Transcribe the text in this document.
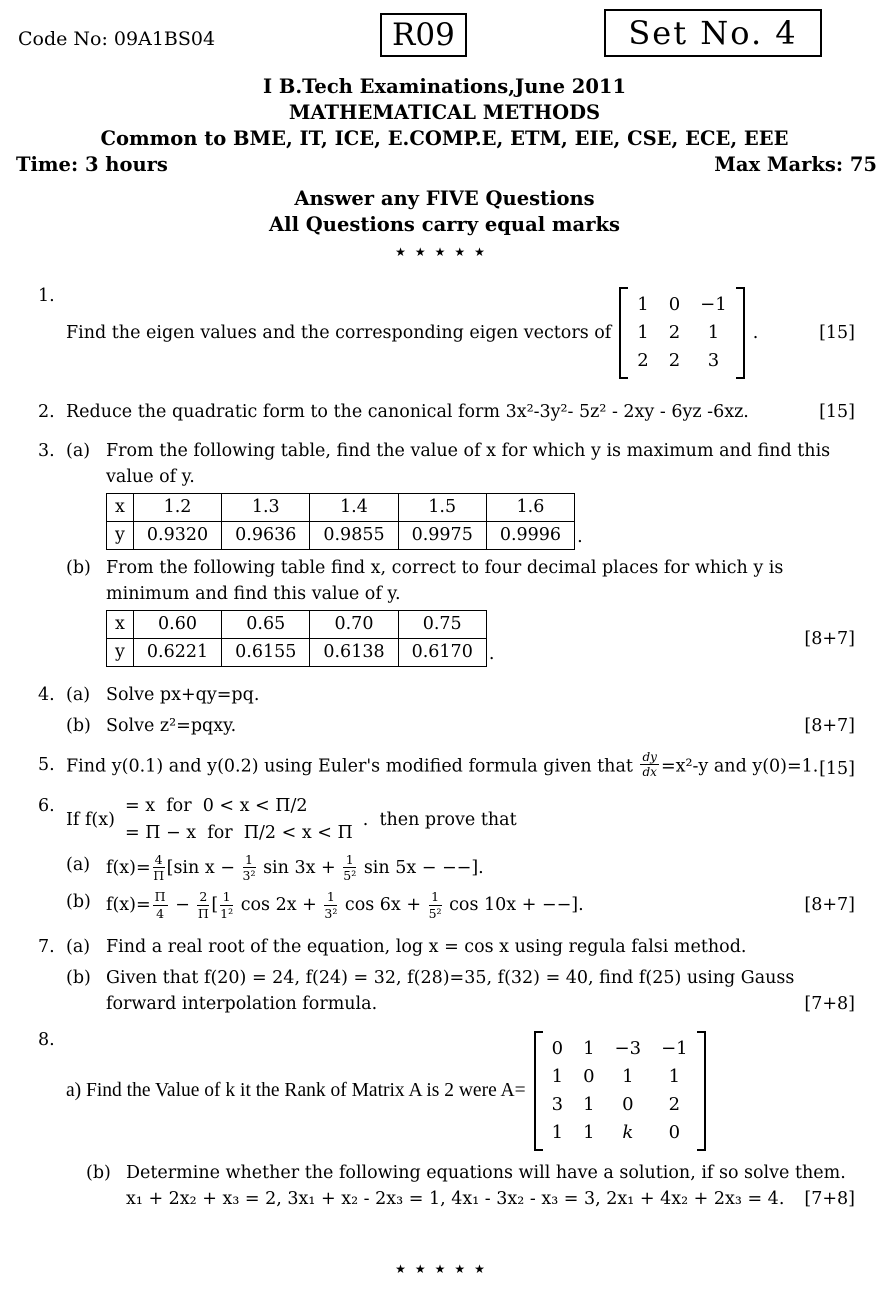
Code No: 09A1BS04	R09	Set No. 4
I B.Tech Examinations,June 2011
MATHEMATICAL METHODS
Common to BME, IT, ICE, E.COMP.E, ETM, EIE, CSE, ECE, EEE
Time: 3 hours	Max Marks: 75
Answer any FIVE Questions
All Questions carry equal marks
★★★★★
1.
Find the eigen values and the corresponding eigen vectors of
1 0 −1
1 2	1
2 2	3
.	[15]
2. Reduce the quadratic form to the canonical form 3x²-3y²- 5z² - 2xy - 6yz -6xz.	[15]
3. (a) From the following table, find the value of x for which y is maximum and find this value of y.
x	1.2	1.3	1.4	1.5	1.6
y	0.9320	0.9636	0.9855	0.9975	0.9996 .
(b) From the following table find x, correct to four decimal places for which y is minimum and find this value of y.
x	0.60	0.65	0.70	0.75
y	0.6221	0.6155	0.6138	0.6170 .
[8+7]
4. (a) Solve px+qy=pq.
(b) Solve z²=pqxy.	[8+7]
5. Find y(0.1) and y(0.2) using Euler's modified formula given that $\frac{dy}{dx} =x^2-y$ and y(0)=1. [15]
6.
If f(x)
= x  for  0 < x < Π/2
= Π − x  for  Π/2 < x < Π
.  then prove that
(a) $f(x)= \frac{4}{\Pi} [\sin$ $x - \frac{1}{\text{3²}}$ $\sin 3x + \frac{1}{\text{5²}}$ sin 5x − −−].
(b) $f(x)= \frac{\Pi}{4} - \frac{2}{\Pi}$ [ $\frac{1}{\text{1²}}$ $\cos 2x + \frac{1}{\text{3²}}$ $\cos 6x + \frac{1}{\text{5²}}$ cos 10x + −−].	[8+7]
7. (a) Find a real root of the equation, log x = cos x using regula falsi method.
(b) Given that f(20) = 24, f(24) = 32, f(28)=35, f(32) = 40, find f(25) using Gauss forward interpolation formula.	[7+8]
8.
a) Find the Value of k it the Rank of Matrix A is 2 were A=
0 1 −3 −1
1 0	1	1
3 1	0	2
1 1	k	0
(b) Determine whether the following equations will have a solution, if so solve them. x₁ + 2x₂ + x₃ = 2, 3x₁ + x₂ - 2x₃ = 1, 4x₁ - 3x₂ - x₃ = 3, 2x₁ + 4x₂ + 2x₃ = 4. [7+8]
★★★★★
